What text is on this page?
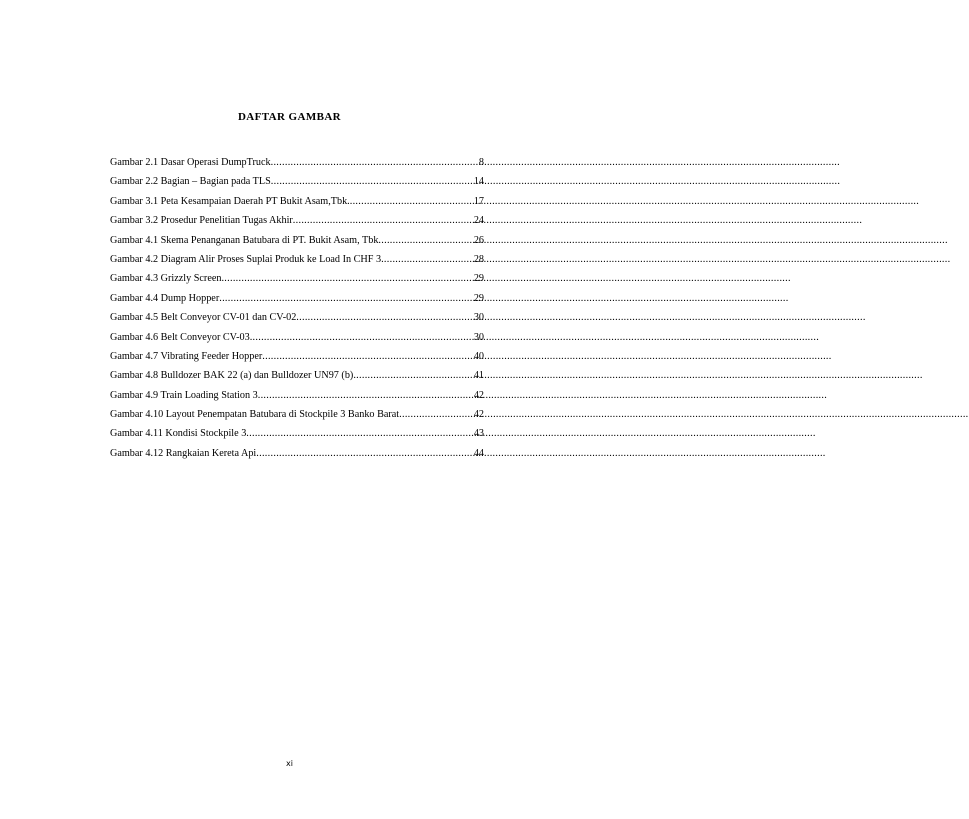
DAFTAR GAMBAR
Gambar 2.1 Dasar Operasi DumpTruck .....	8
Gambar 2.2 Bagian – Bagian pada TLS .....	14
Gambar 3.1 Peta Kesampaian Daerah PT Bukit Asam,Tbk. .....	17
Gambar 3.2 Prosedur Penelitian Tugas Akhir .....	24
Gambar 4.1 Skema Penanganan Batubara di PT. Bukit Asam, Tbk .....	26
Gambar 4.2 Diagram Alir Proses Suplai Produk ke Load In CHF 3 .....	28
Gambar 4.3 Grizzly Screen .....	29
Gambar 4.4 Dump Hopper .....	29
Gambar 4.5 Belt Conveyor CV-01 dan CV-02 .....	30
Gambar 4.6 Belt Conveyor CV-03 .....	30
Gambar 4.7 Vibrating Feeder Hopper .....	40
Gambar 4.8 Bulldozer BAK 22 (a) dan Bulldozer UN97 (b) .....	41
Gambar 4.9 Train Loading Station 3 .....	42
Gambar 4.10 Layout Penempatan Batubara di Stockpile 3 Banko Barat .....	42
Gambar 4.11 Kondisi Stockpile 3 .....	43
Gambar 4.12 Rangkaian Kereta Api .....	44
xi
